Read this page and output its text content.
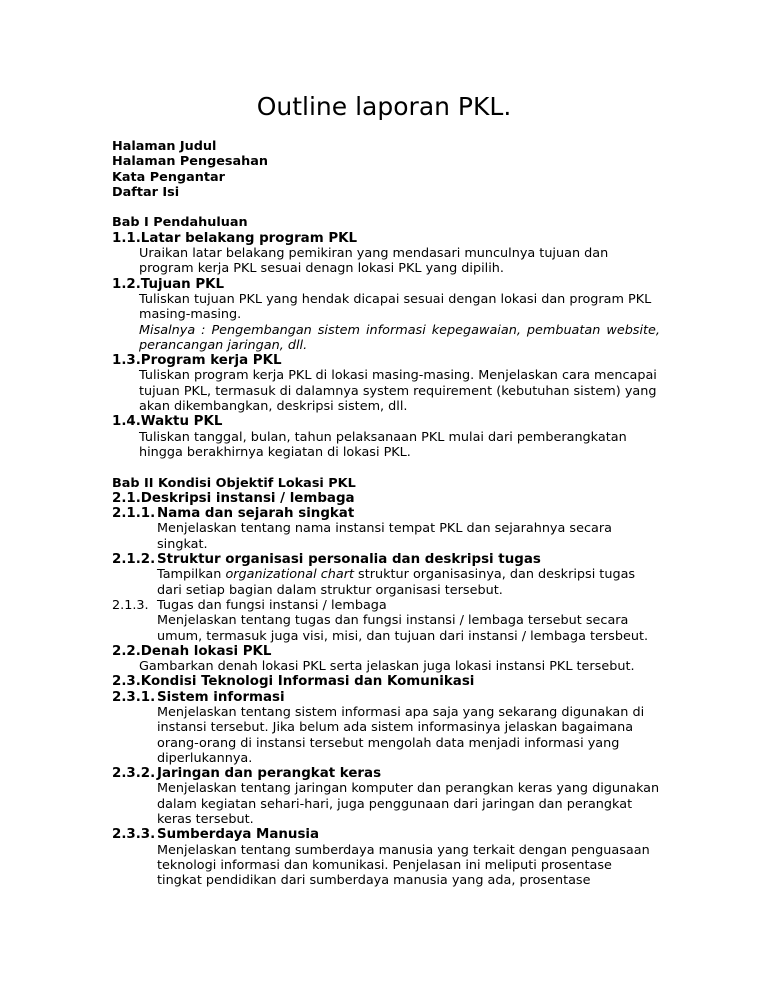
Outline laporan PKL.
Halaman Judul
Halaman Pengesahan
Kata Pengantar
Daftar Isi
Bab I Pendahuluan
1.1.Latar belakang program PKL
Uraikan latar belakang pemikiran yang mendasari munculnya tujuan dan
program kerja PKL sesuai denagn lokasi PKL yang dipilih.
1.2.Tujuan PKL
Tuliskan tujuan PKL yang hendak dicapai sesuai dengan lokasi dan program PKL
masing-masing.
Misalnya : Pengembangan sistem informasi kepegawaian, pembuatan website,
perancangan jaringan, dll.
1.3.Program kerja PKL
Tuliskan program kerja PKL di lokasi masing-masing. Menjelaskan cara mencapai
tujuan PKL, termasuk di dalamnya system requirement (kebutuhan sistem) yang
akan dikembangkan, deskripsi sistem, dll.
1.4.Waktu PKL
Tuliskan tanggal, bulan, tahun pelaksanaan PKL mulai dari pemberangkatan
hingga berakhirnya kegiatan di lokasi PKL.
Bab II Kondisi Objektif Lokasi PKL
2.1.Deskripsi instansi / lembaga
2.1.1. Nama dan sejarah singkat
Menjelaskan tentang nama instansi tempat PKL dan sejarahnya secara
singkat.
2.1.2. Struktur organisasi personalia dan deskripsi tugas
Tampilkan organizational chart struktur organisasinya, dan deskripsi tugas
dari setiap bagian dalam struktur organisasi tersebut.
2.1.3. Tugas dan fungsi instansi / lembaga
Menjelaskan tentang tugas dan fungsi instansi / lembaga tersebut secara
umum, termasuk juga visi, misi, dan tujuan dari instansi / lembaga tersbeut.
2.2.Denah lokasi PKL
Gambarkan denah lokasi PKL serta jelaskan juga lokasi instansi PKL tersebut.
2.3.Kondisi Teknologi Informasi dan Komunikasi
2.3.1. Sistem informasi
Menjelaskan tentang sistem informasi apa saja yang sekarang digunakan di
instansi tersebut. Jika belum ada sistem informasinya jelaskan bagaimana
orang-orang di instansi tersebut mengolah data menjadi informasi yang
diperlukannya.
2.3.2. Jaringan dan perangkat keras
Menjelaskan tentang jaringan komputer dan perangkan keras yang digunakan
dalam kegiatan sehari-hari, juga penggunaan dari jaringan dan perangkat
keras tersebut.
2.3.3. Sumberdaya Manusia
Menjelaskan tentang sumberdaya manusia yang terkait dengan penguasaan
teknologi informasi dan komunikasi. Penjelasan ini meliputi prosentase
tingkat pendidikan dari sumberdaya manusia yang ada, prosentase
